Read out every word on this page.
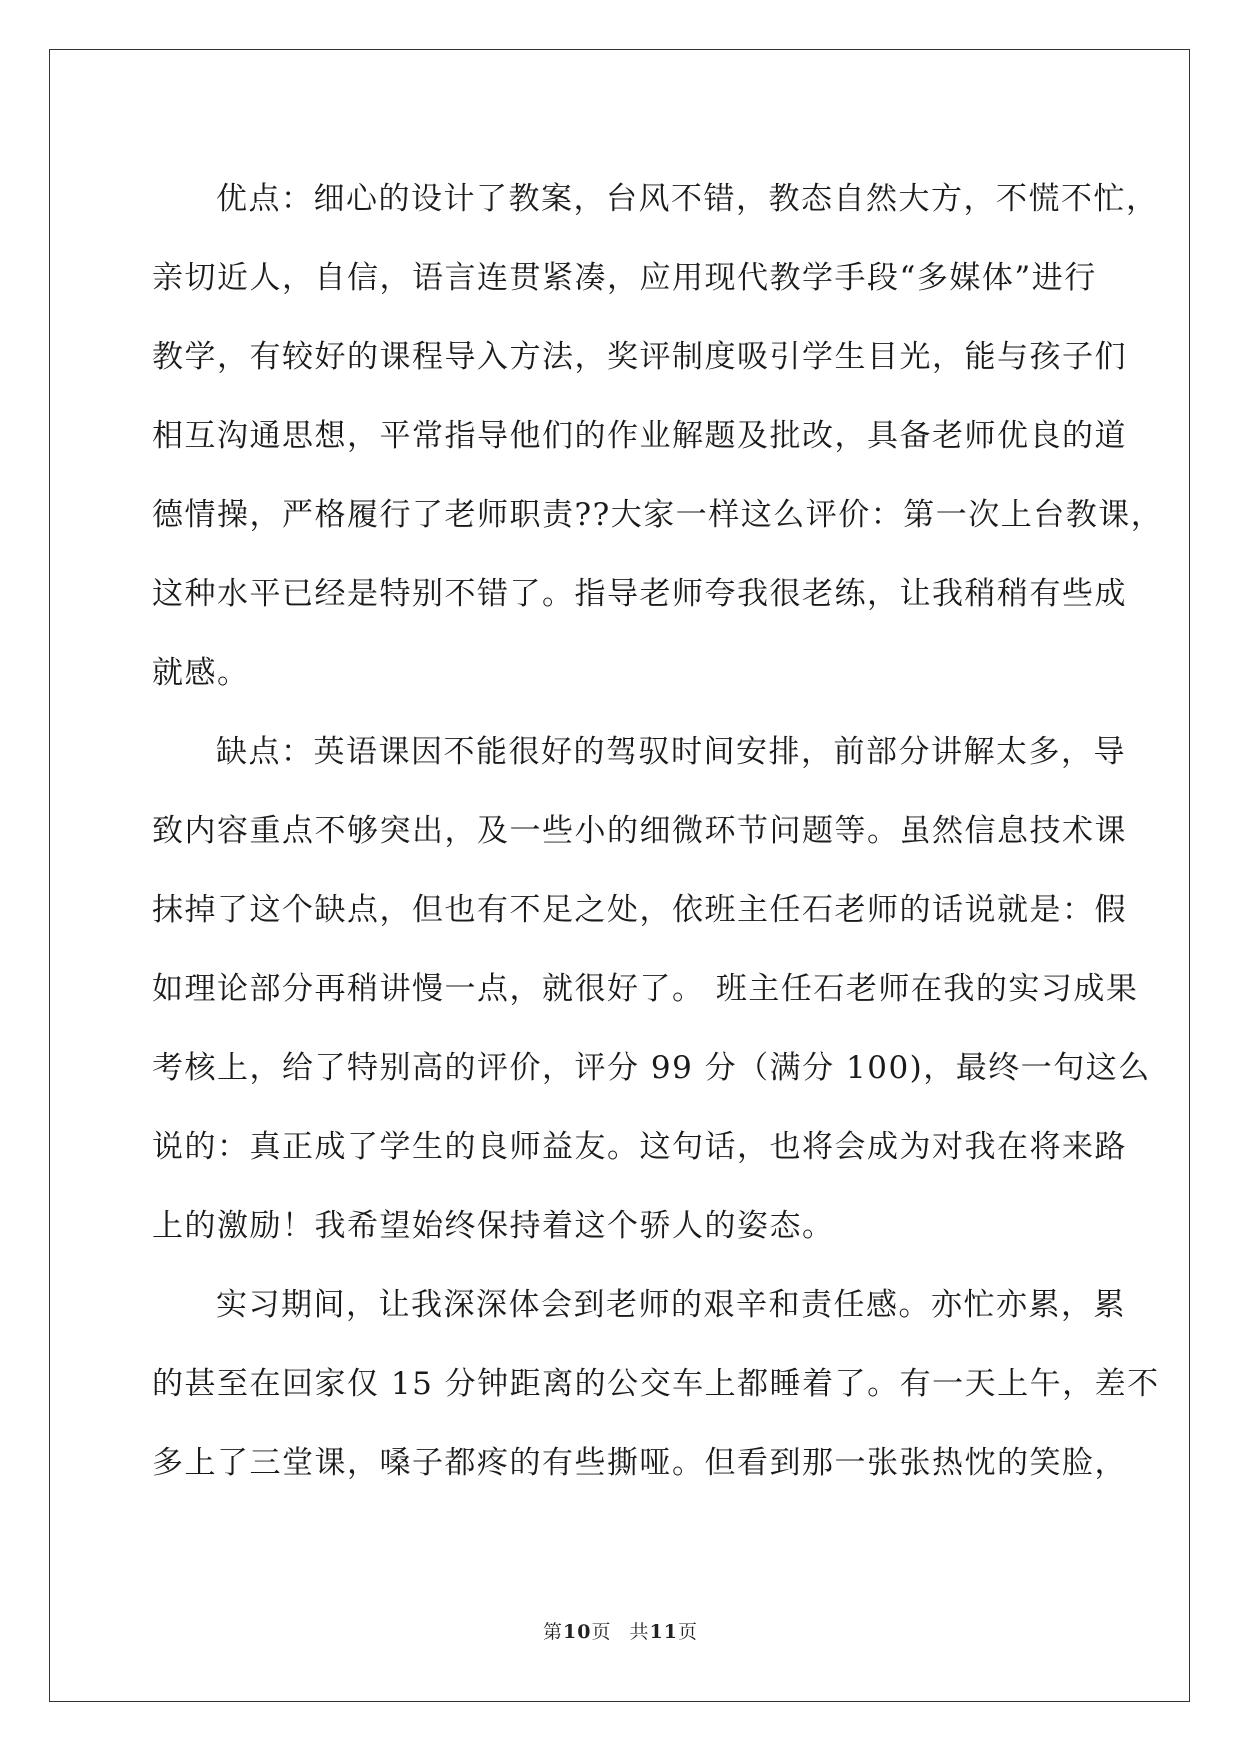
优点：细心的设计了教案，台风不错，教态自然大方，不慌不忙，
亲切近人，自信，语言连贯紧凑，应用现代教学手段“多媒体”进行
教学，有较好的课程导入方法，奖评制度吸引学生目光，能与孩子们
相互沟通思想，平常指导他们的作业解题及批改，具备老师优良的道
德情操，严格履行了老师职责??大家一样这么评价：第一次上台教课，
这种水平已经是特别不错了。指导老师夸我很老练，让我稍稍有些成
就感。
缺点：英语课因不能很好的驾驭时间安排，前部分讲解太多，导
致内容重点不够突出，及一些小的细微环节问题等。虽然信息技术课
抹掉了这个缺点，但也有不足之处，依班主任石老师的话说就是：假
如理论部分再稍讲慢一点，就很好了。 班主任石老师在我的实习成果
考核上，给了特别高的评价，评分 99 分（满分 100)，最终一句这么
说的：真正成了学生的良师益友。这句话，也将会成为对我在将来路
上的激励！我希望始终保持着这个骄人的姿态。
实习期间，让我深深体会到老师的艰辛和责任感。亦忙亦累，累
的甚至在回家仅 15 分钟距离的公交车上都睡着了。有一天上午，差不
多上了三堂课，嗓子都疼的有些撕哑。但看到那一张张热忱的笑脸，
第10页 共11页
